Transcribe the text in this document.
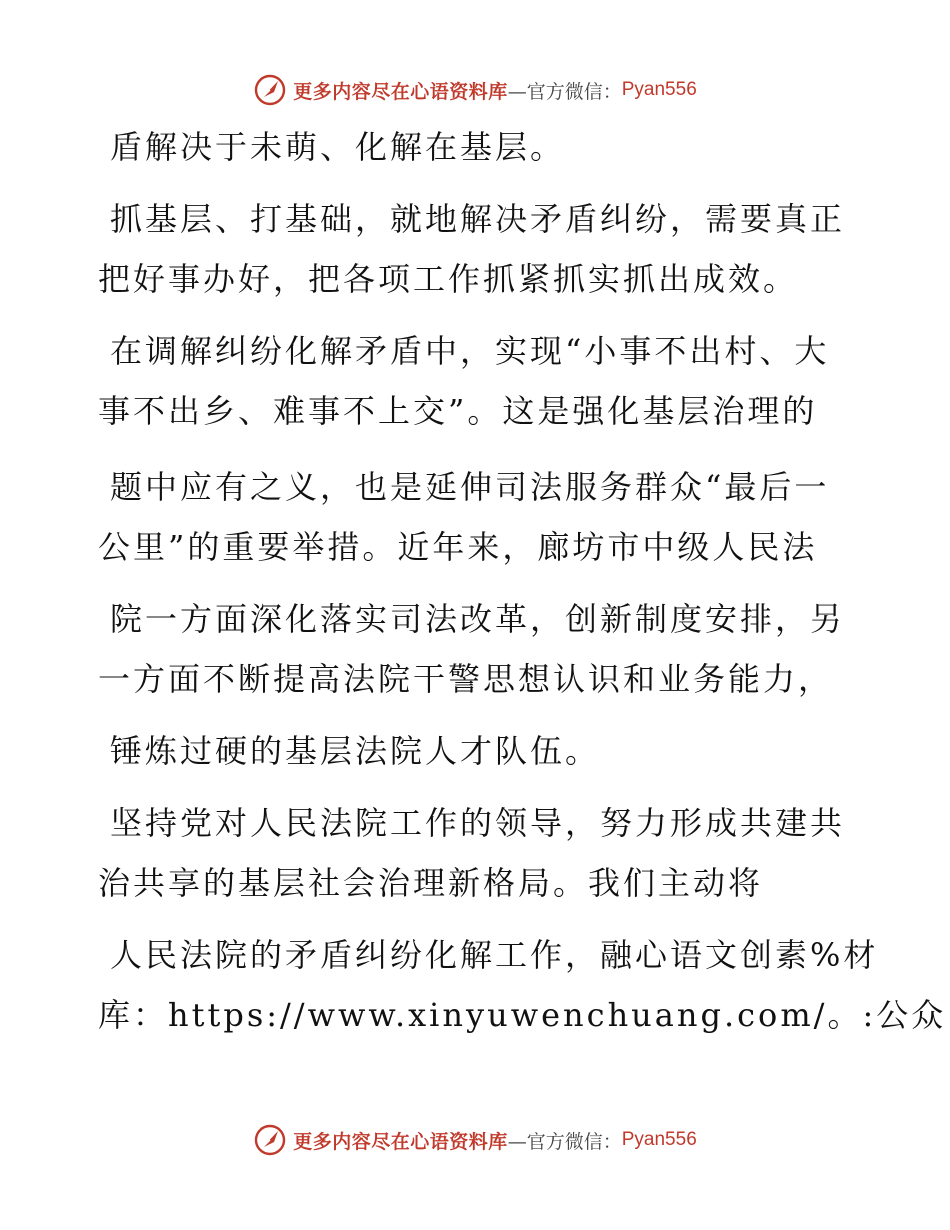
更多内容尽在心语资料库 —官方微信： Pyan556
盾解决于未萌、化解在基层。
抓基层、打基础，就地解决矛盾纠纷，需要真正
把好事办好，把各项工作抓紧抓实抓出成效。
在调解纠纷化解矛盾中，实现“小事不出村、大
事不出乡、难事不上交”。这是强化基层治理的
题中应有之义，也是延伸司法服务群众“最后一
公里”的重要举措。近年来，廊坊市中级人民法
院一方面深化落实司法改革，创新制度安排，另
一方面不断提高法院干警思想认识和业务能力，
锤炼过硬的基层法院人才队伍。
坚持党对人民法院工作的领导，努力形成共建共
治共享的基层社会治理新格局。我们主动将
人民法院的矛盾纠纷化解工作，融心语文创素%材
库：https://www.xinyuwenchuang.com/。:公众
更多内容尽在心语资料库 —官方微信： Pyan556
